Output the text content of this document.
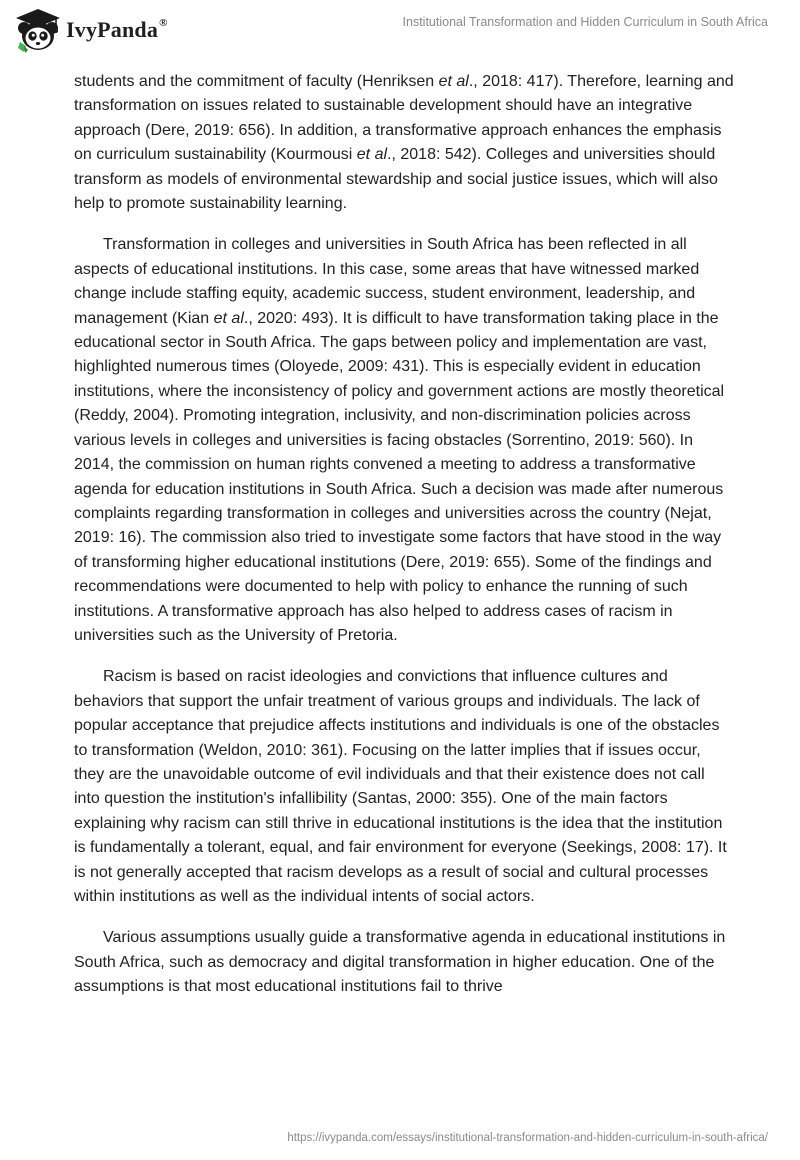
IvyPanda®	Institutional Transformation and Hidden Curriculum in South Africa

students and the commitment of faculty (Henriksen et al., 2018: 417). Therefore, learning and transformation on issues related to sustainable development should have an integrative approach (Dere, 2019: 656). In addition, a transformative approach enhances the emphasis on curriculum sustainability (Kourmousi et al., 2018: 542). Colleges and universities should transform as models of environmental stewardship and social justice issues, which will also help to promote sustainability learning.

Transformation in colleges and universities in South Africa has been reflected in all aspects of educational institutions. In this case, some areas that have witnessed marked change include staffing equity, academic success, student environment, leadership, and management (Kian et al., 2020: 493). It is difficult to have transformation taking place in the educational sector in South Africa. The gaps between policy and implementation are vast, highlighted numerous times (Oloyede, 2009: 431). This is especially evident in education institutions, where the inconsistency of policy and government actions are mostly theoretical (Reddy, 2004). Promoting integration, inclusivity, and non-discrimination policies across various levels in colleges and universities is facing obstacles (Sorrentino, 2019: 560). In 2014, the commission on human rights convened a meeting to address a transformative agenda for education institutions in South Africa. Such a decision was made after numerous complaints regarding transformation in colleges and universities across the country (Nejat, 2019: 16). The commission also tried to investigate some factors that have stood in the way of transforming higher educational institutions (Dere, 2019: 655). Some of the findings and recommendations were documented to help with policy to enhance the running of such institutions. A transformative approach has also helped to address cases of racism in universities such as the University of Pretoria.

Racism is based on racist ideologies and convictions that influence cultures and behaviors that support the unfair treatment of various groups and individuals. The lack of popular acceptance that prejudice affects institutions and individuals is one of the obstacles to transformation (Weldon, 2010: 361). Focusing on the latter implies that if issues occur, they are the unavoidable outcome of evil individuals and that their existence does not call into question the institution's infallibility (Santas, 2000: 355). One of the main factors explaining why racism can still thrive in educational institutions is the idea that the institution is fundamentally a tolerant, equal, and fair environment for everyone (Seekings, 2008: 17). It is not generally accepted that racism develops as a result of social and cultural processes within institutions as well as the individual intents of social actors.

Various assumptions usually guide a transformative agenda in educational institutions in South Africa, such as democracy and digital transformation in higher education. One of the assumptions is that most educational institutions fail to thrive

https://ivypanda.com/essays/institutional-transformation-and-hidden-curriculum-in-south-africa/
